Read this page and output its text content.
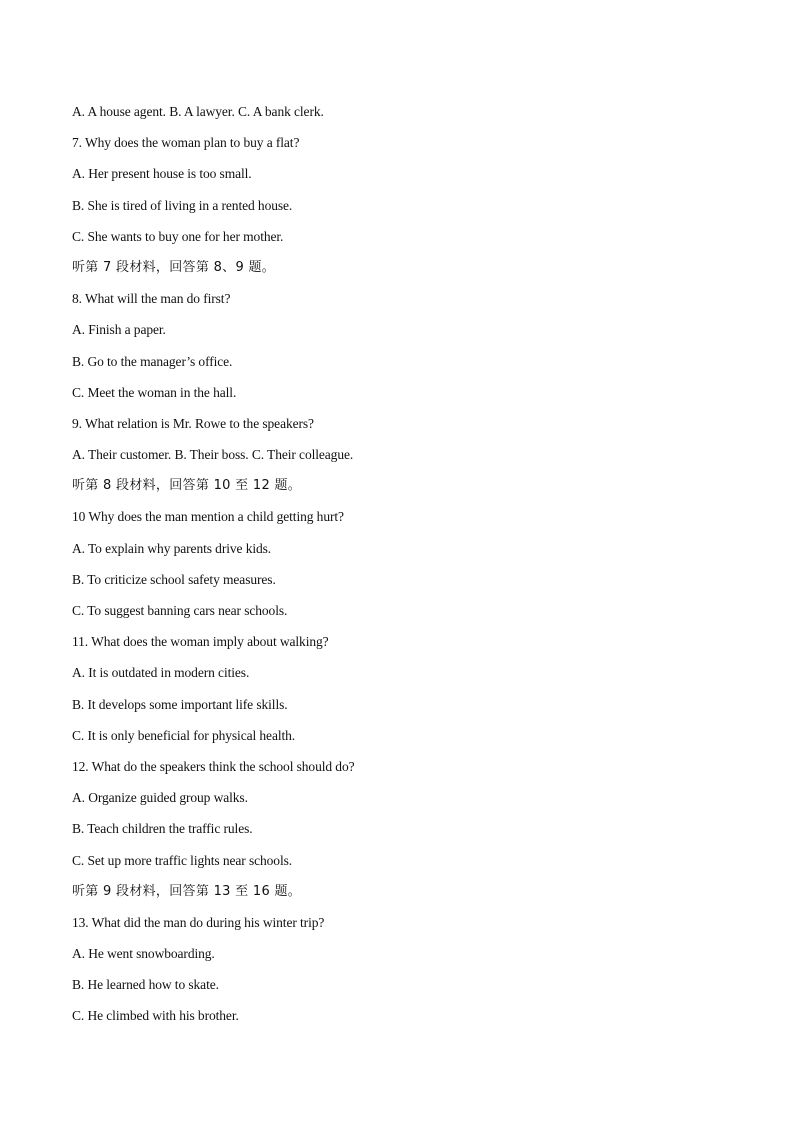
A. A house agent. B. A lawyer. C. A bank clerk.
7. Why does the woman plan to buy a flat?
A. Her present house is too small.
B. She is tired of living in a rented house.
C. She wants to buy one for her mother.
听第 7 段材料，回答第 8、9 题。
8. What will the man do first?
A. Finish a paper.
B. Go to the manager’s office.
C. Meet the woman in the hall.
9. What relation is Mr. Rowe to the speakers?
A. Their customer. B. Their boss. C. Their colleague.
听第 8 段材料，回答第 10 至 12 题。
10 Why does the man mention a child getting hurt?
A. To explain why parents drive kids.
B. To criticize school safety measures.
C. To suggest banning cars near schools.
11. What does the woman imply about walking?
A. It is outdated in modern cities.
B. It develops some important life skills.
C. It is only beneficial for physical health.
12. What do the speakers think the school should do?
A. Organize guided group walks.
B. Teach children the traffic rules.
C. Set up more traffic lights near schools.
听第 9 段材料，回答第 13 至 16 题。
13. What did the man do during his winter trip?
A. He went snowboarding.
B. He learned how to skate.
C. He climbed with his brother.
